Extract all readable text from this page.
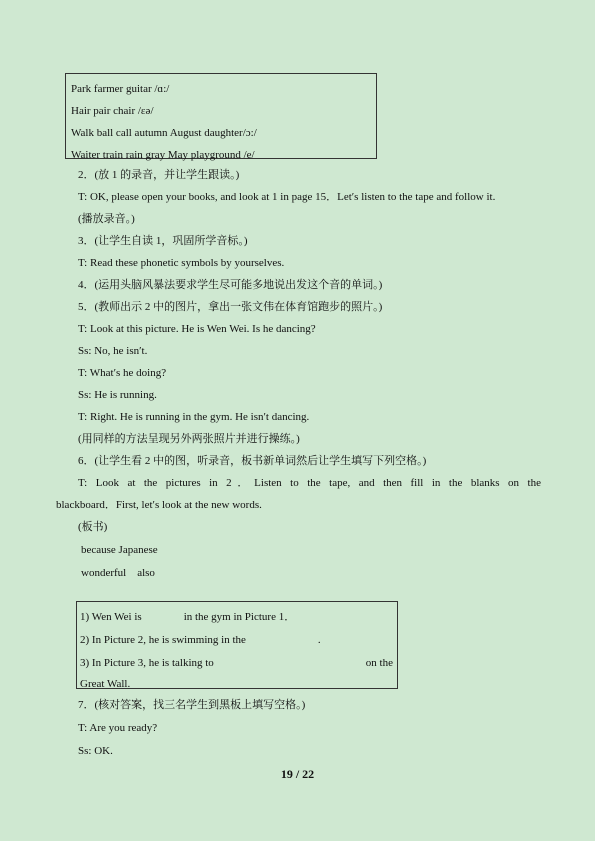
Park farmer guitar /ɑ:/
Hair pair chair /ɛə/
Walk ball call autumn August daughter/ɔ:/
Waiter train rain gray May playground /e/
2．(放 1 的录音，并让学生跟读。)
T: OK, please open your books, and look at 1 in page 15．Let′s listen to the tape and follow it.
(播放录音。)
3．(让学生自读 1，巩固所学音标。)
T: Read these phonetic symbols by yourselves.
4．(运用头脑风暴法要求学生尽可能多地说出发这个音的单词。)
5．(教师出示 2 中的图片，拿出一张文伟在体育馆跑步的照片。)
T: Look at this picture. He is Wen Wei. Is he dancing?
Ss: No, he isn′t.
T: What′s he doing?
Ss: He is running.
T: Right. He is running in the gym. He isn′t dancing.
(用同样的方法呈现另外两张照片并进行操练。)
6．(让学生看 2 中的图，听录音，板书新单词然后让学生填写下列空格。)
T: Look at the pictures in 2．Listen to the tape, and then fill in the blanks on the
blackboard．First, let′s look at the new words.
(板书)
because Japanese
wonderful    also
1) Wen Wei is	in the gym in Picture 1．
2) In Picture 2, he is swimming in the	.
3) In Picture 3, he is talking to	on the
Great Wall.
7．(核对答案，找三名学生到黑板上填写空格。)
T: Are you ready?
Ss: OK.
19 / 22
